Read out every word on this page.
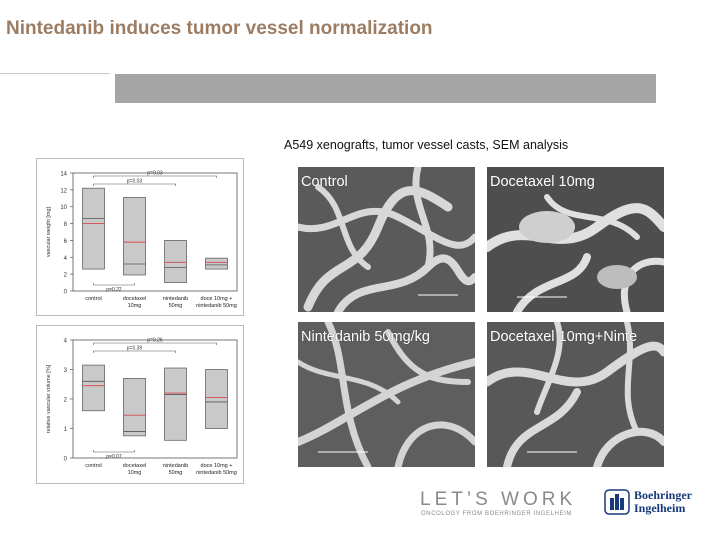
Nintedanib induces tumor vessel normalization
A549 xenografts, tumor vessel casts, SEM analysis
0
2
4
6
8
10
12
14
vascular weight [mg]
control	docetaxel
10mg
nintedanib
50mg
doce 10mg +
nintedanib 50mg
p=0.03
p=0.03
p=0.22
0
1
2
3
4
relative vascular volume [%]
control	docetaxel
10mg
nintedanib
50mg
doce 10mg +
nintedanib 50mg
p=0.26
p=0.39
p=0.07
Control	Docetaxel 10mg
Nintedanib 50mg/kg	Docetaxel 10mg+Ninte
LET’S WORK
ONCOLOGY FROM BOEHRINGER INGELHEIM
Boehringer
Ingelheim
